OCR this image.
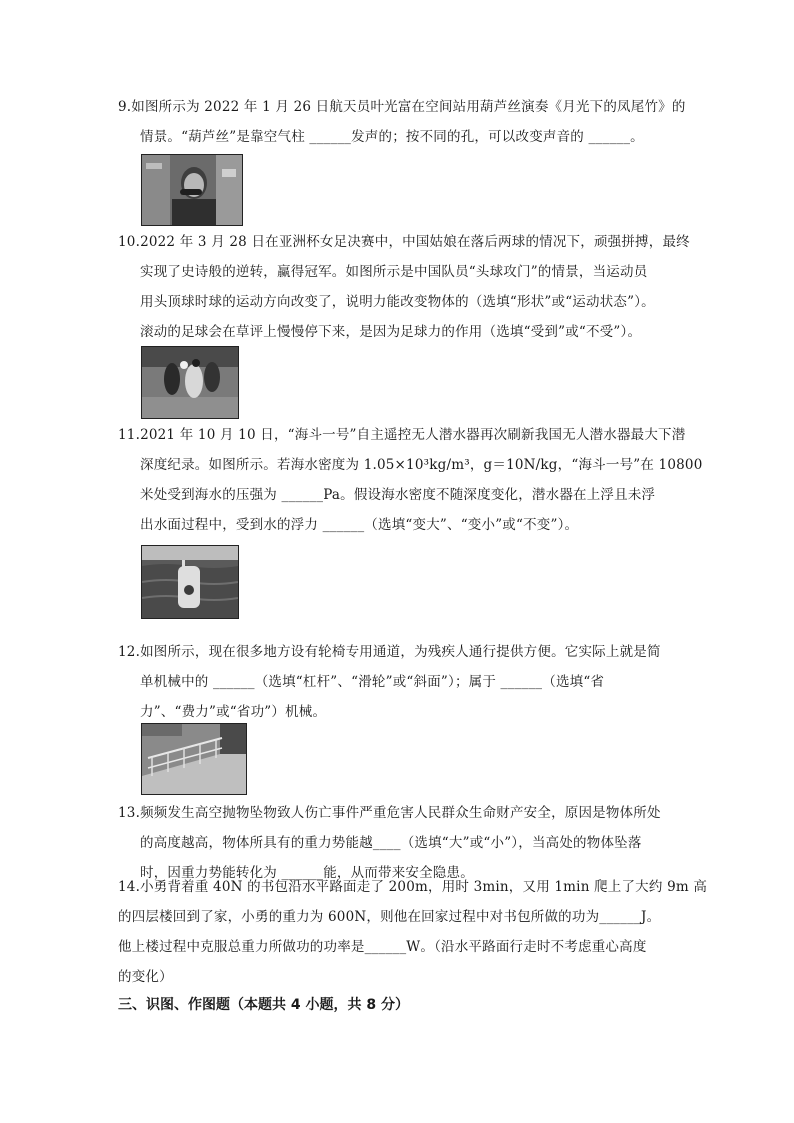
9.如图所示为 2022 年 1 月 26 日航天员叶光富在空间站用葫芦丝演奏《月光下的凤尾竹》的
情景。“葫芦丝”是靠空气柱 ______发声的；按不同的孔，可以改变声音的 ______。
10.2022 年 3 月 28 日在亚洲杯女足决赛中，中国姑娘在落后两球的情况下，顽强拼搏，最终
实现了史诗般的逆转，赢得冠军。如图所示是中国队员“头球攻门”的情景，当运动员
用头顶球时球的运动方向改变了，说明力能改变物体的（选填“形状”或“运动状态”）。
滚动的足球会在草评上慢慢停下来，是因为足球力的作用（选填“受到”或“不受”）。
11.2021 年 10 月 10 日，“海斗一号”自主遥控无人潜水器再次刷新我国无人潜水器最大下潜
深度纪录。如图所示。若海水密度为 1.05×10³kg/m³，g＝10N/kg，“海斗一号”在 10800
米处受到海水的压强为 ______Pa。假设海水密度不随深度变化，潜水器在上浮且未浮
出水面过程中，受到水的浮力 ______（选填“变大”、“变小”或“不变”）。
12.如图所示，现在很多地方设有轮椅专用通道，为残疾人通行提供方便。它实际上就是简
单机械中的 ______（选填“杠杆”、“滑轮”或“斜面”）；属于 ______（选填“省
力”、“费力”或“省功”）机械。
13.频频发生高空抛物坠物致人伤亡事件严重危害人民群众生命财产安全，原因是物体所处
的高度越高，物体所具有的重力势能越____（选填“大”或“小”），当高处的物体坠落
时，因重力势能转化为 ______能，从而带来安全隐患。
14.小勇背着重 40N 的书包沿水平路面走了 200m，用时 3min，又用 1min 爬上了大约 9m 高
的四层楼回到了家，小勇的重力为 600N，则他在回家过程中对书包所做的功为______J。
他上楼过程中克服总重力所做功的功率是______W。（沿水平路面行走时不考虑重心高度
的变化）
三、识图、作图题（本题共 4 小题，共 8 分）
